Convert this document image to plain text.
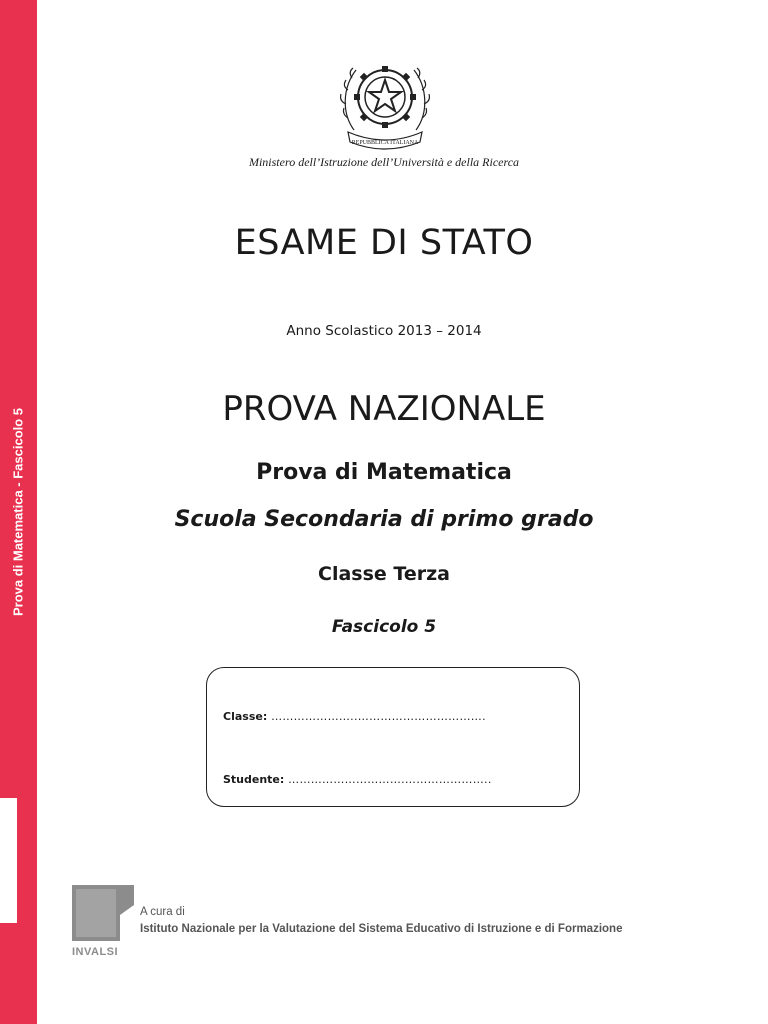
Prova di Matematica - Fascicolo 5
REPUBBLICA ITALIANA
Ministero dell’Istruzione dell’Università e della Ricerca
ESAME DI STATO
Anno Scolastico 2013 – 2014
PROVA NAZIONALE
Prova di Matematica
Scuola Secondaria di primo grado
Classe Terza
Fascicolo 5
Classe: …………………..…………………………….
Studente: ………………………….…………………..
INVALSI
A cura di
Istituto Nazionale per la Valutazione del Sistema Educativo di Istruzione e di Formazione
